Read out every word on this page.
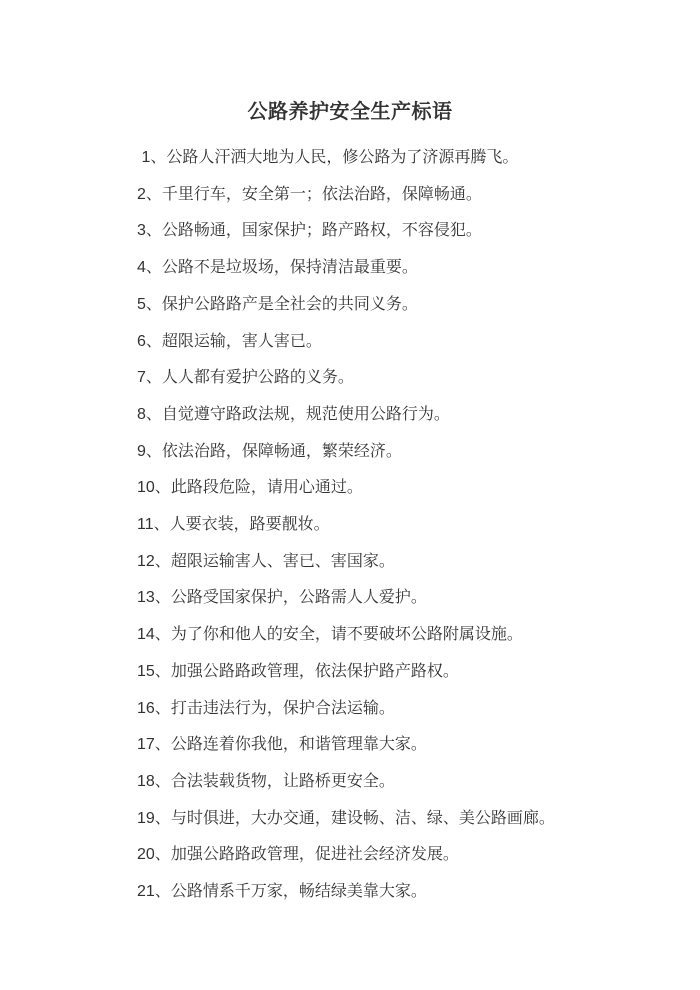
公路养护安全生产标语
1、公路人汗洒大地为人民，修公路为了济源再腾飞。
2、千里行车，安全第一；依法治路，保障畅通。
3、公路畅通，国家保护；路产路权，不容侵犯。
4、公路不是垃圾场，保持清洁最重要。
5、保护公路路产是全社会的共同义务。
6、超限运输，害人害已。
7、人人都有爱护公路的义务。
8、自觉遵守路政法规，规范使用公路行为。
9、依法治路，保障畅通，繁荣经济。
10、此路段危险，请用心通过。
11、人要衣装，路要靓妆。
12、超限运输害人、害已、害国家。
13、公路受国家保护，公路需人人爱护。
14、为了你和他人的安全，请不要破坏公路附属设施。
15、加强公路路政管理，依法保护路产路权。
16、打击违法行为，保护合法运输。
17、公路连着你我他，和谐管理靠大家。
18、合法装载货物，让路桥更安全。
19、与时俱进，大办交通，建设畅、洁、绿、美公路画廊。
20、加强公路路政管理，促进社会经济发展。
21、公路情系千万家，畅结绿美靠大家。
